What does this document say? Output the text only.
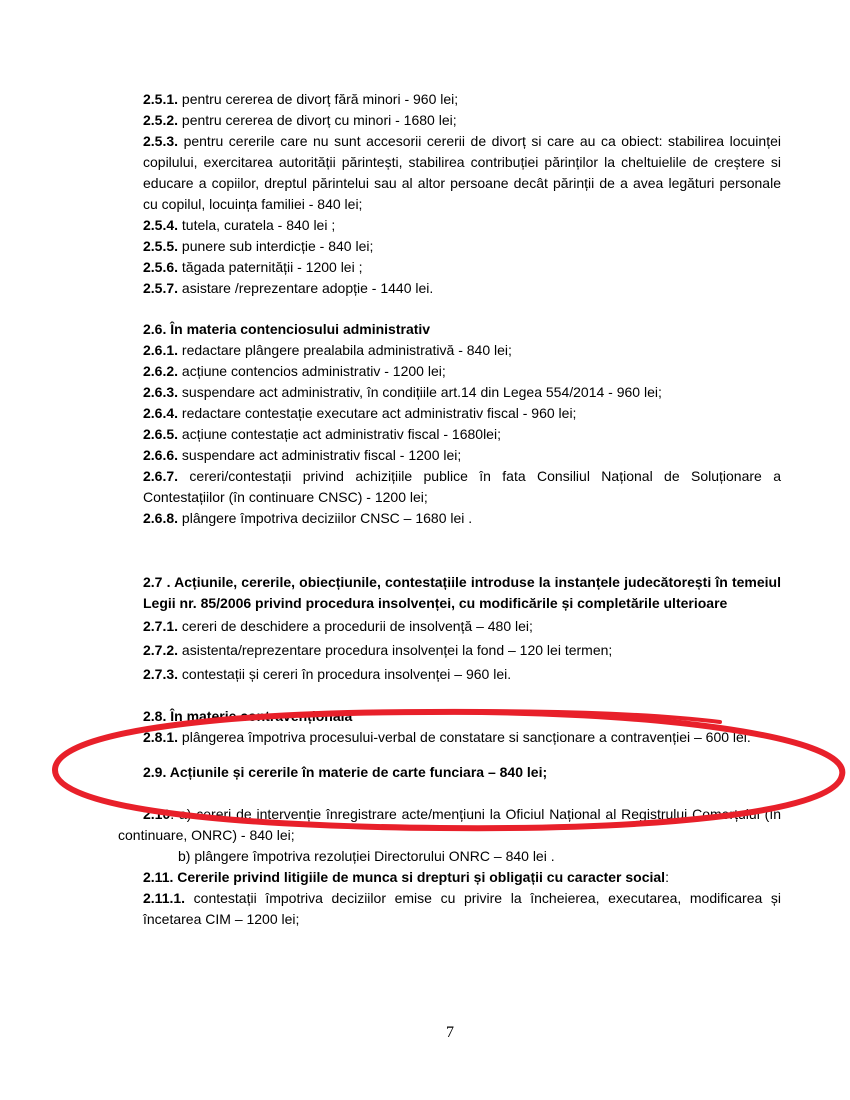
2.5.1. pentru cererea de divorț fără minori - 960 lei;

2.5.2. pentru cererea de divorț cu minori - 1680 lei;

2.5.3. pentru cererile care nu sunt accesorii cererii de divorț si care au ca obiect: stabilirea locuinței copilului, exercitarea autorității părintești, stabilirea contribuției părinților la cheltuielile de creștere si educare a copiilor, dreptul părintelui sau al altor persoane decât părinții de a avea legături personale cu copilul, locuința familiei - 840 lei;

2.5.4. tutela, curatela - 840 lei ;

2.5.5. punere sub interdicție - 840 lei;

2.5.6. tăgada paternității - 1200 lei ;

2.5.7. asistare /reprezentare adopție - 1440 lei.

2.6. În materia contenciosului administrativ

2.6.1. redactare plângere prealabila administrativă - 840 lei;

2.6.2. acțiune contencios administrativ - 1200 lei;

2.6.3. suspendare act administrativ, în condițiile art.14 din Legea 554/2014 - 960 lei;

2.6.4. redactare contestație executare act administrativ fiscal - 960 lei;

2.6.5. acțiune contestație act administrativ fiscal - 1680lei;

2.6.6. suspendare act administrativ fiscal - 1200 lei;

2.6.7. cereri/contestații privind achizițiile publice în fata Consiliul Național de Soluționare a Contestațiilor (în continuare CNSC) - 1200 lei;

2.6.8. plângere împotriva deciziilor CNSC – 1680 lei .

2.7 . Acțiunile, cererile, obiecțiunile, contestațiile introduse la instanțele judecătorești în temeiul Legii nr. 85/2006 privind procedura insolvenței, cu modificările și completările ulterioare

2.7.1. cereri de deschidere a procedurii de insolvență – 480 lei;

2.7.2. asistenta/reprezentare procedura insolvenței la fond – 120 lei termen;

2.7.3. contestații și cereri în procedura insolvenței – 960 lei.

2.8. În materie contravențională

2.8.1. plângerea împotriva procesului-verbal de constatare si sancționare a contravenției – 600 lei.

2.9. Acțiunile și cererile în materie de carte funciara – 840 lei;

2.10. a) cereri de intervenție înregistrare acte/mențiuni la Oficiul Național al Registrului Comerțului (în continuare, ONRC) - 840 lei;

b) plângere împotriva rezoluției Directorului ONRC – 840 lei .

2.11. Cererile privind litigiile de munca si drepturi și obligații cu caracter social:

2.11.1. contestații împotriva deciziilor emise cu privire la încheierea, executarea, modificarea și încetarea CIM – 1200 lei;

7
